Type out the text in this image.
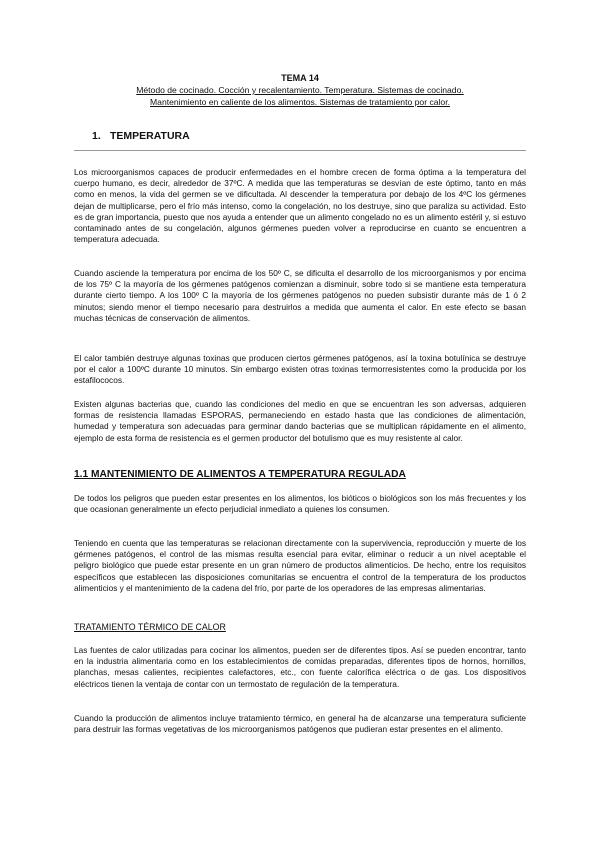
TEMA 14
Método de cocinado. Cocción y recalentamiento. Temperatura. Sistemas de cocinado.
Mantenimiento en caliente de los alimentos. Sistemas de tratamiento por calor.
1. TEMPERATURA

Los microorganismos capaces de producir enfermedades en el hombre crecen de forma óptima a la temperatura del cuerpo humano, es decir, alrededor de 37ºC. A medida que las temperaturas se desvían de este óptimo, tanto en más como en menos, la vida del germen se ve dificultada. Al descender la temperatura por debajo de los 4ºC los gérmenes dejan de multiplicarse, pero el frío más intenso, como la congelación, no los destruye, sino que paraliza su actividad. Esto es de gran importancia, puesto que nos ayuda a entender que un alimento congelado no es un alimento estéril y, si estuvo contaminado antes de su congelación, algunos gérmenes pueden volver a reproducirse en cuanto se encuentren a temperatura adecuada.

Cuando asciende la temperatura por encima de los 50º C, se dificulta el desarrollo de los microorganismos y por encima de los 75º C la mayoría de los gérmenes patógenos comienzan a disminuir, sobre todo si se mantiene esta temperatura durante cierto tiempo. A los 100º C la mayoría de los gérmenes patógenos no pueden subsistir durante más de 1 ó 2 minutos; siendo menor el tiempo necesario para destruirlos a medida que aumenta el calor. En este efecto se basan muchas técnicas de conservación de alimentos.

El calor también destruye algunas toxinas que producen ciertos gérmenes patógenos, así la toxina botulínica se destruye por el calor a 100ºC durante 10 minutos. Sin embargo existen otras toxinas termorresistentes como la producida por los estafilococos.

Existen algunas bacterias que, cuando las condiciones del medio en que se encuentran les son adversas, adquieren formas de resistencia llamadas ESPORAS, permaneciendo en estado hasta que las condiciones de alimentación, humedad y temperatura son adecuadas para germinar dando bacterias que se multiplican rápidamente en el alimento, ejemplo de esta forma de resistencia es el germen productor del botulismo que es muy resistente al calor.

1.1 MANTENIMIENTO DE ALIMENTOS A TEMPERATURA REGULADA

De todos los peligros que pueden estar presentes en los alimentos, los bióticos o biológicos son los más frecuentes y los que ocasionan generalmente un efecto perjudicial inmediato a quienes los consumen.

Teniendo en cuenta que las temperaturas se relacionan directamente con la supervivencia, reproducción y muerte de los gérmenes patógenos, el control de las mismas resulta esencial para evitar, eliminar o reducir a un nivel aceptable el peligro biológico que puede estar presente en un gran número de productos alimenticios. De hecho, entre los requisitos específicos que establecen las disposiciones comunitarias se encuentra el control de la temperatura de los productos alimenticios y el mantenimiento de la cadena del frío, por parte de los operadores de las empresas alimentarias.

TRATAMIENTO TÉRMICO DE CALOR

Las fuentes de calor utilizadas para cocinar los alimentos, pueden ser de diferentes tipos. Así se pueden encontrar, tanto en la industria alimentaria como en los establecimientos de comidas preparadas, diferentes tipos de hornos, hornillos, planchas, mesas calientes, recipientes calefactores, etc., con fuente calorífica eléctrica o de gas. Los dispositivos eléctricos tienen la ventaja de contar con un termostato de regulación de la temperatura.

Cuando la producción de alimentos incluye tratamiento térmico, en general ha de alcanzarse una temperatura suficiente para destruir las formas vegetativas de los microorganismos patógenos que pudieran estar presentes en el alimento.
